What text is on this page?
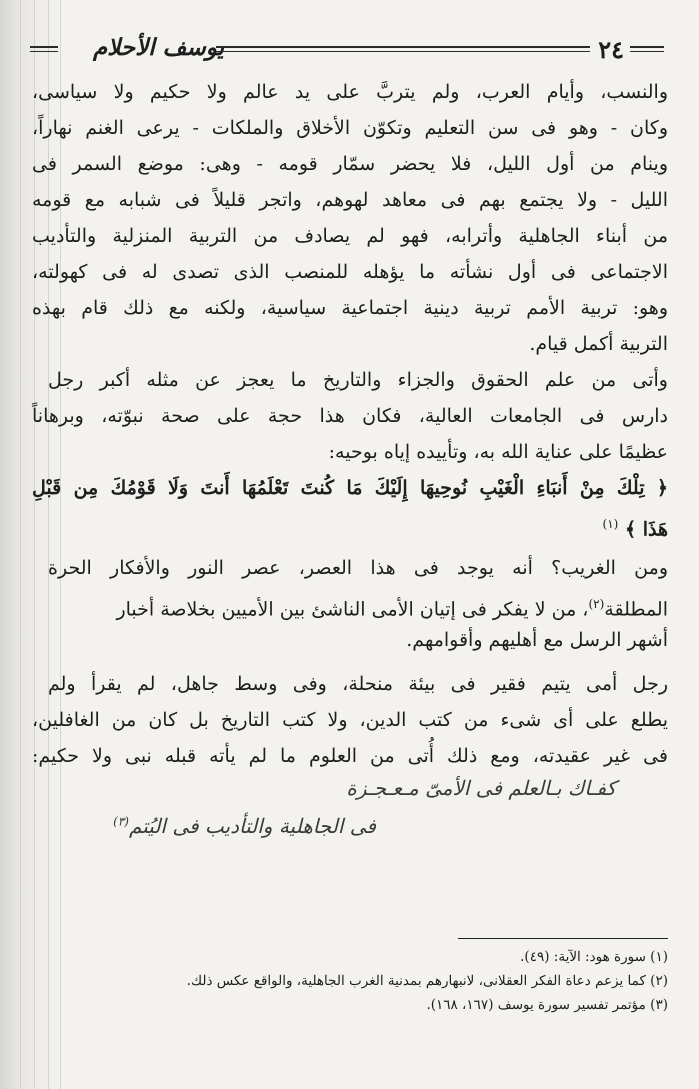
يوسف الأحلام	٢٤
والنسب، وأيام العرب، ولم يتربَّ على يد عالم ولا حكيم ولا سياسى،
وكان - وهو فى سن التعليم وتكوّن الأخلاق والملكات - يرعى الغنم نهاراً،
وينام من أول الليل، فلا يحضر سمّار قومه - وهى: موضع السمر فى
الليل - ولا يجتمع بهم فى معاهد لهوهم، واتجر قليلاً فى شبابه مع قومه
من أبناء الجاهلية وأترابه، فهو لم يصادف من التربية المنزلية والتأديب
الاجتماعى فى أول نشأته ما يؤهله للمنصب الذى تصدى له فى كهولته،
وهو: تربية الأمم تربية دينية اجتماعية سياسية، ولكنه مع ذلك قام بهذه
التربية أكمل قيام.
وأتى من علم الحقوق والجزاء والتاريخ ما يعجز عن مثله أكبر رجل
دارس فى الجامعات العالية، فكان هذا حجة على صحة نبوّته، وبرهاناً
عظيمًا على عناية الله به، وتأييده إياه بوحيه:
﴿ تِلْكَ مِنْ أَنبَاءِ الْغَيْبِ نُوحِيهَا إِلَيْكَ مَا كُنتَ تَعْلَمُهَا أَنتَ وَلَا قَوْمُكَ مِن قَبْلِ
هَذَا ﴾ $^{(١)}$
ومن الغريب؟ أنه يوجد فى هذا العصر، عصر النور والأفكار الحرة
المطلقة$^{(٢)}$، من لا يفكر فى إتيان الأمى الناشئ بين الأميين بخلاصة أخبار
أشهر الرسل مع أهليهم وأقوامهم.
رجل أمى يتيم فقير فى بيئة منحلة، وفى وسط جاهل، لم يقرأ ولم
يطلع على أى شىء من كتب الدين، ولا كتب التاريخ بل كان من الغافلين،
فى غير عقيدته، ومع ذلك أُتى من العلوم ما لم يأته قبله نبى ولا حكيم:
كفـاك بـالعلم فى الأمىّ مـعـجـزة
فى الجاهلية والتأديب فى اليُتم$^{(٣)}$
(١) سورة هود: الآية: (٤٩).
(٢) كما يزعم دعاة الفكر العقلانى، لانبهارهم بمدنية الغرب الجاهلية، والواقع عكس ذلك.
(٣) مؤتمر تفسير سورة يوسف (١٦٧، ١٦٨).
